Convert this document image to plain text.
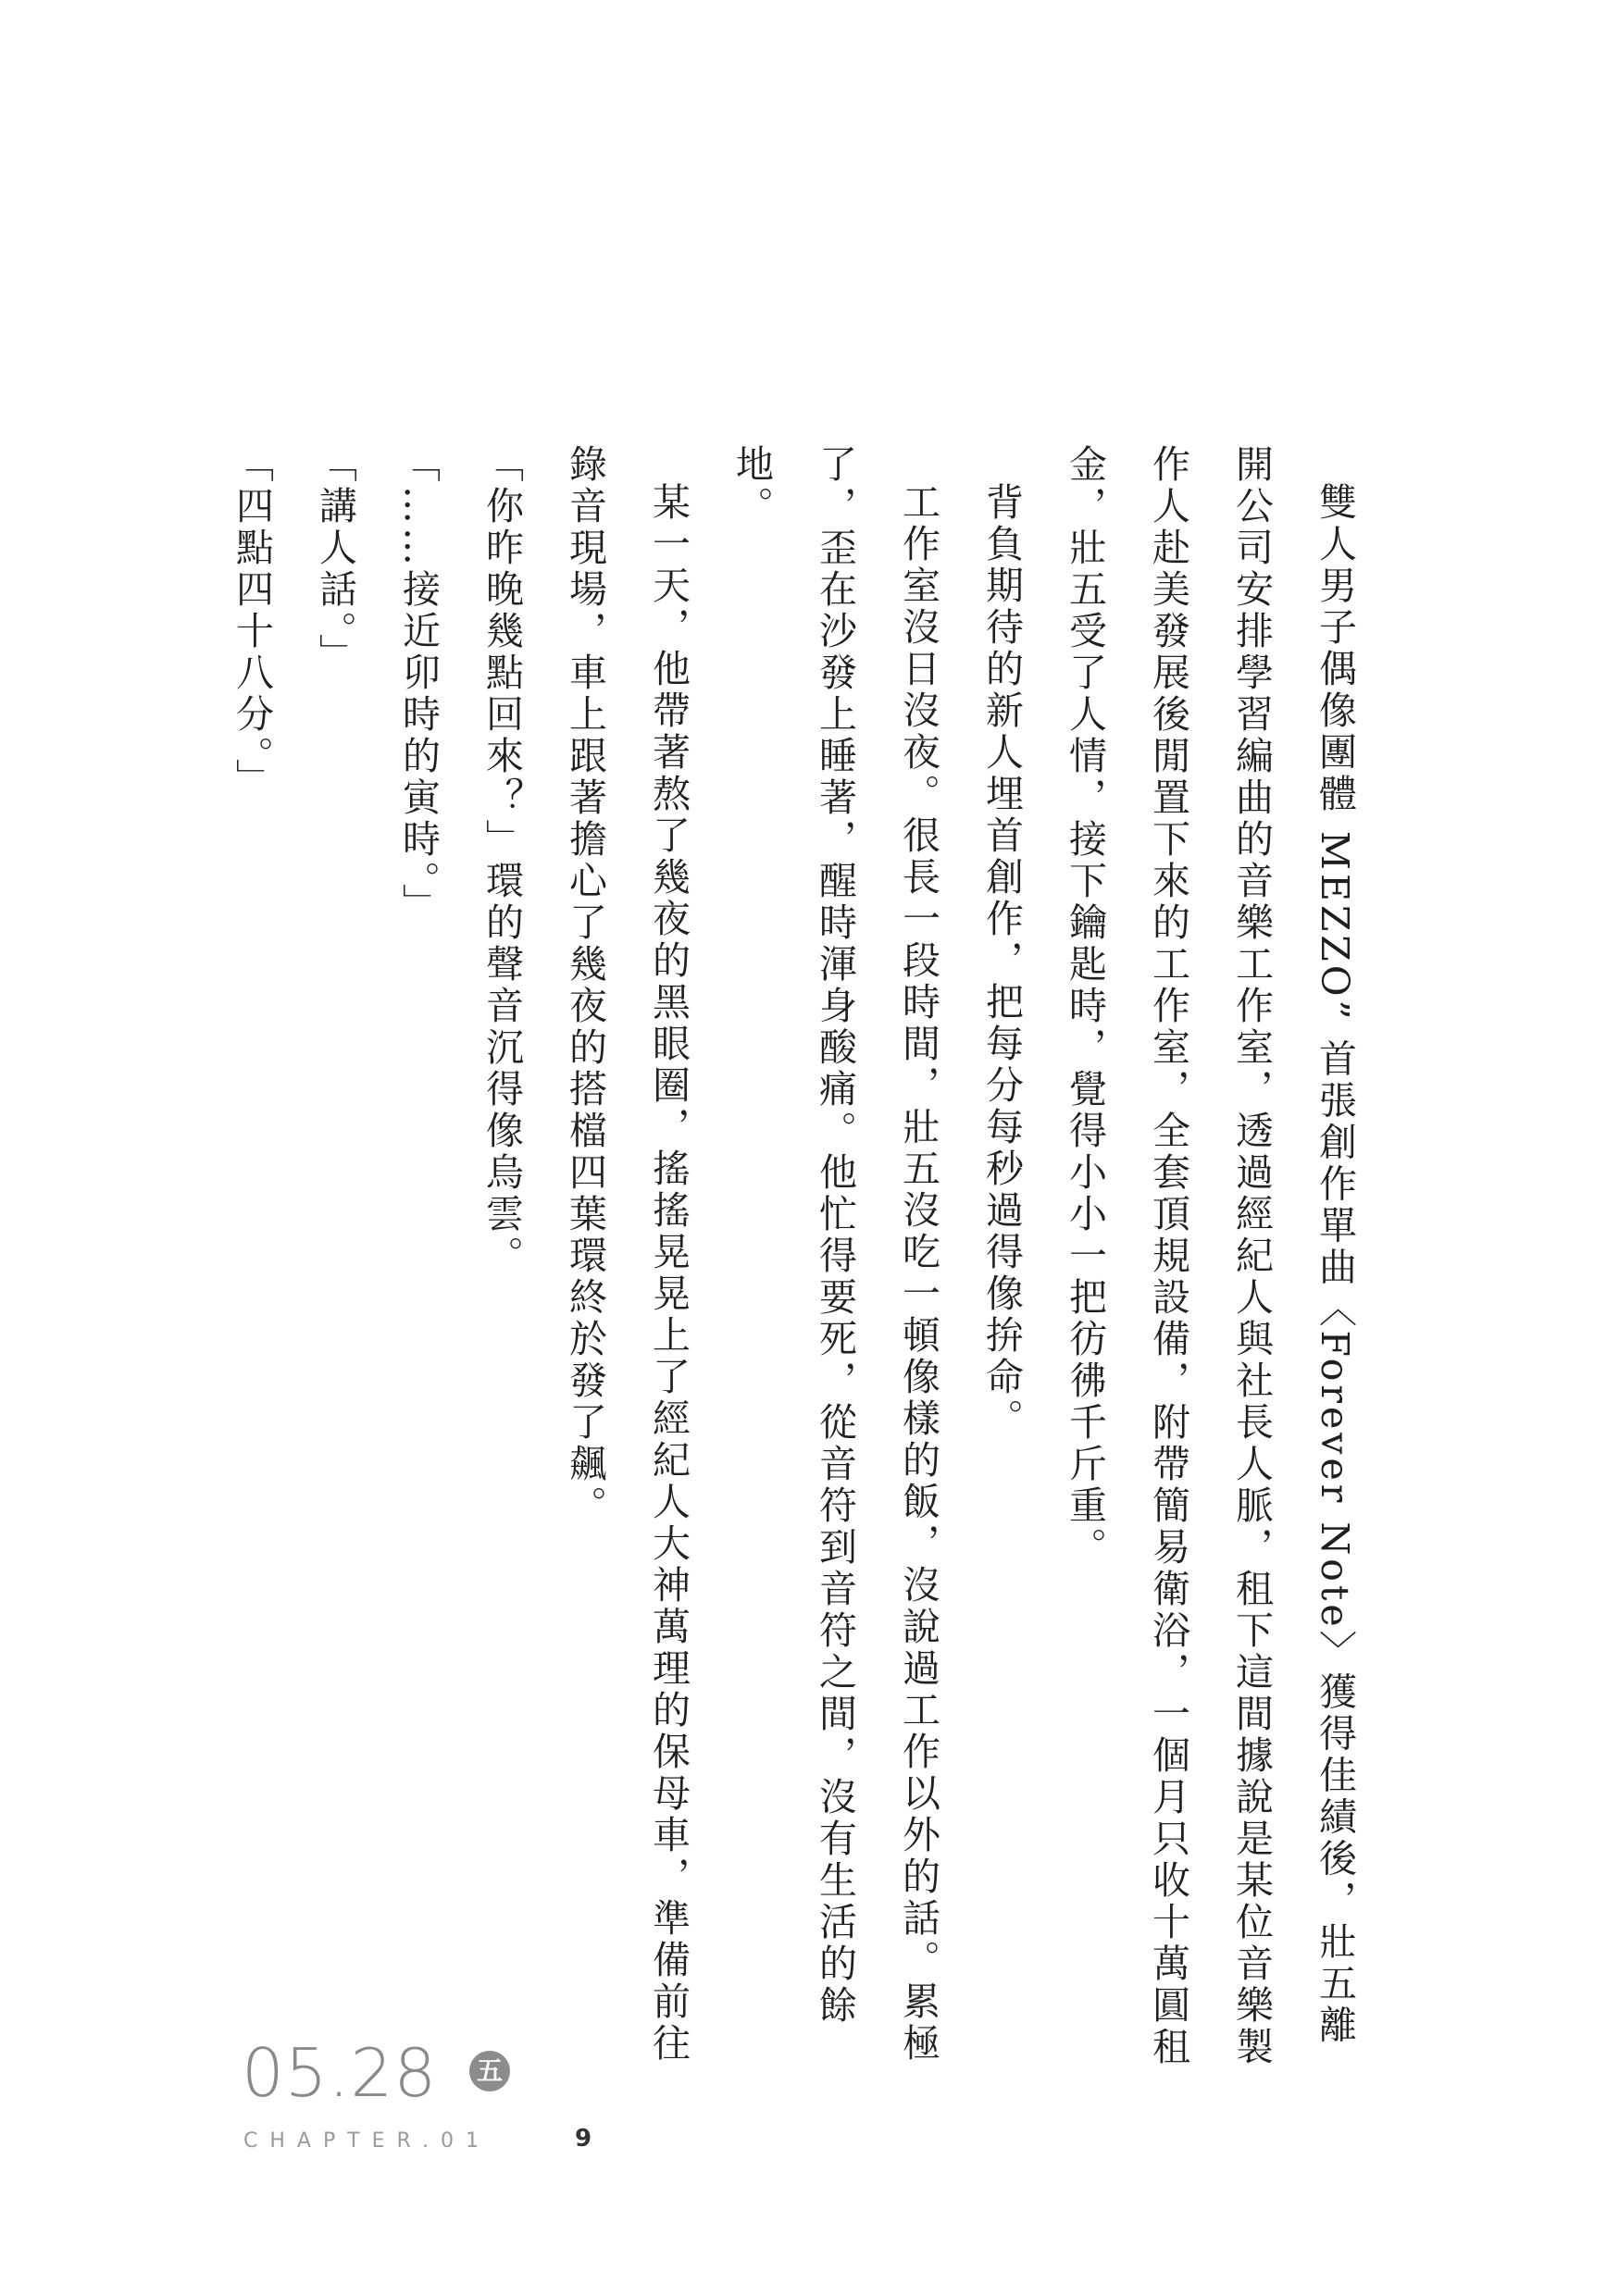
雙人男子偶像團體 MEZZO” 首張創作單曲〈Forever Note〉獲得佳績後，壯五離開公司安排學習編曲的音樂工作室，透過經紀人與社長人脈，租下這間據說是某位音樂製作人赴美發展後閒置下來的工作室，全套頂規設備，附帶簡易衛浴，一個月只收十萬圓租金，壯五受了人情，接下鑰匙時，覺得小小一把彷彿千斤重。

背負期待的新人埋首創作，把每分每秒過得像拚命。

工作室沒日沒夜。很長一段時間，壯五沒吃一頓像樣的飯，沒說過工作以外的話。累極了，歪在沙發上睡著，醒時渾身酸痛。他忙得要死，從音符到音符之間，沒有生活的餘地。

某一天，他帶著熬了幾夜的黑眼圈，搖搖晃晃上了經紀人大神萬理的保母車，準備前往錄音現場，車上跟著擔心了幾夜的搭檔四葉環終於發了飆。

「你昨晚幾點回來？」環的聲音沉得像烏雲。

「……接近卯時的寅時。」

「講人話。」

「四點四十八分。」

05.28 五
CHAPTER.01	9
